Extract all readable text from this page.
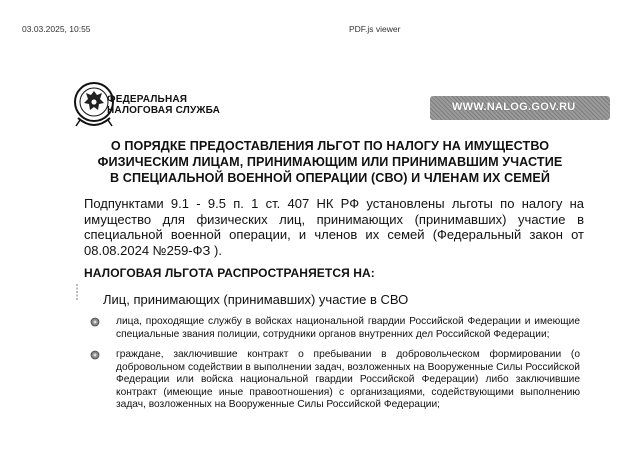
03.03.2025, 10:55	PDF.js viewer
ФЕДЕРАЛЬНАЯ
НАЛОГОВАЯ СЛУЖБА	WWW.NALOG.GOV.RU
О ПОРЯДКЕ ПРЕДОСТАВЛЕНИЯ ЛЬГОТ ПО НАЛОГУ НА ИМУЩЕСТВО
ФИЗИЧЕСКИМ ЛИЦАМ, ПРИНИМАЮЩИМ ИЛИ ПРИНИМАВШИМ УЧАСТИЕ
В СПЕЦИАЛЬНОЙ ВОЕННОЙ ОПЕРАЦИИ (СВО) И ЧЛЕНАМ ИХ СЕМЕЙ
Подпунктами 9.1 - 9.5 п. 1 ст. 407 НК РФ установлены льготы по налогу на имущество для физических лиц, принимающих (принимавших) участие в специальной военной операции, и членов их семей (Федеральный закон от 08.08.2024 №259-ФЗ ).
НАЛОГОВАЯ ЛЬГОТА РАСПРОСТРАНЯЕТСЯ НА:
Лиц, принимающих (принимавших) участие в СВО
лица, проходящие службу в войсках национальной гвардии Российской Федерации и имеющие специальные звания полиции, сотрудники органов внутренних дел Российской Федерации;
граждане, заключившие контракт о пребывании в добровольческом формировании (о добровольном содействии в выполнении задач, возложенных на Вооруженные Силы Российской Федерации или войска национальной гвардии Российской Федерации) либо заключившие контракт (имеющие иные правоотношения) с организациями, содействующими выполнению задач, возложенных на Вооруженные Силы Российской Федерации;
